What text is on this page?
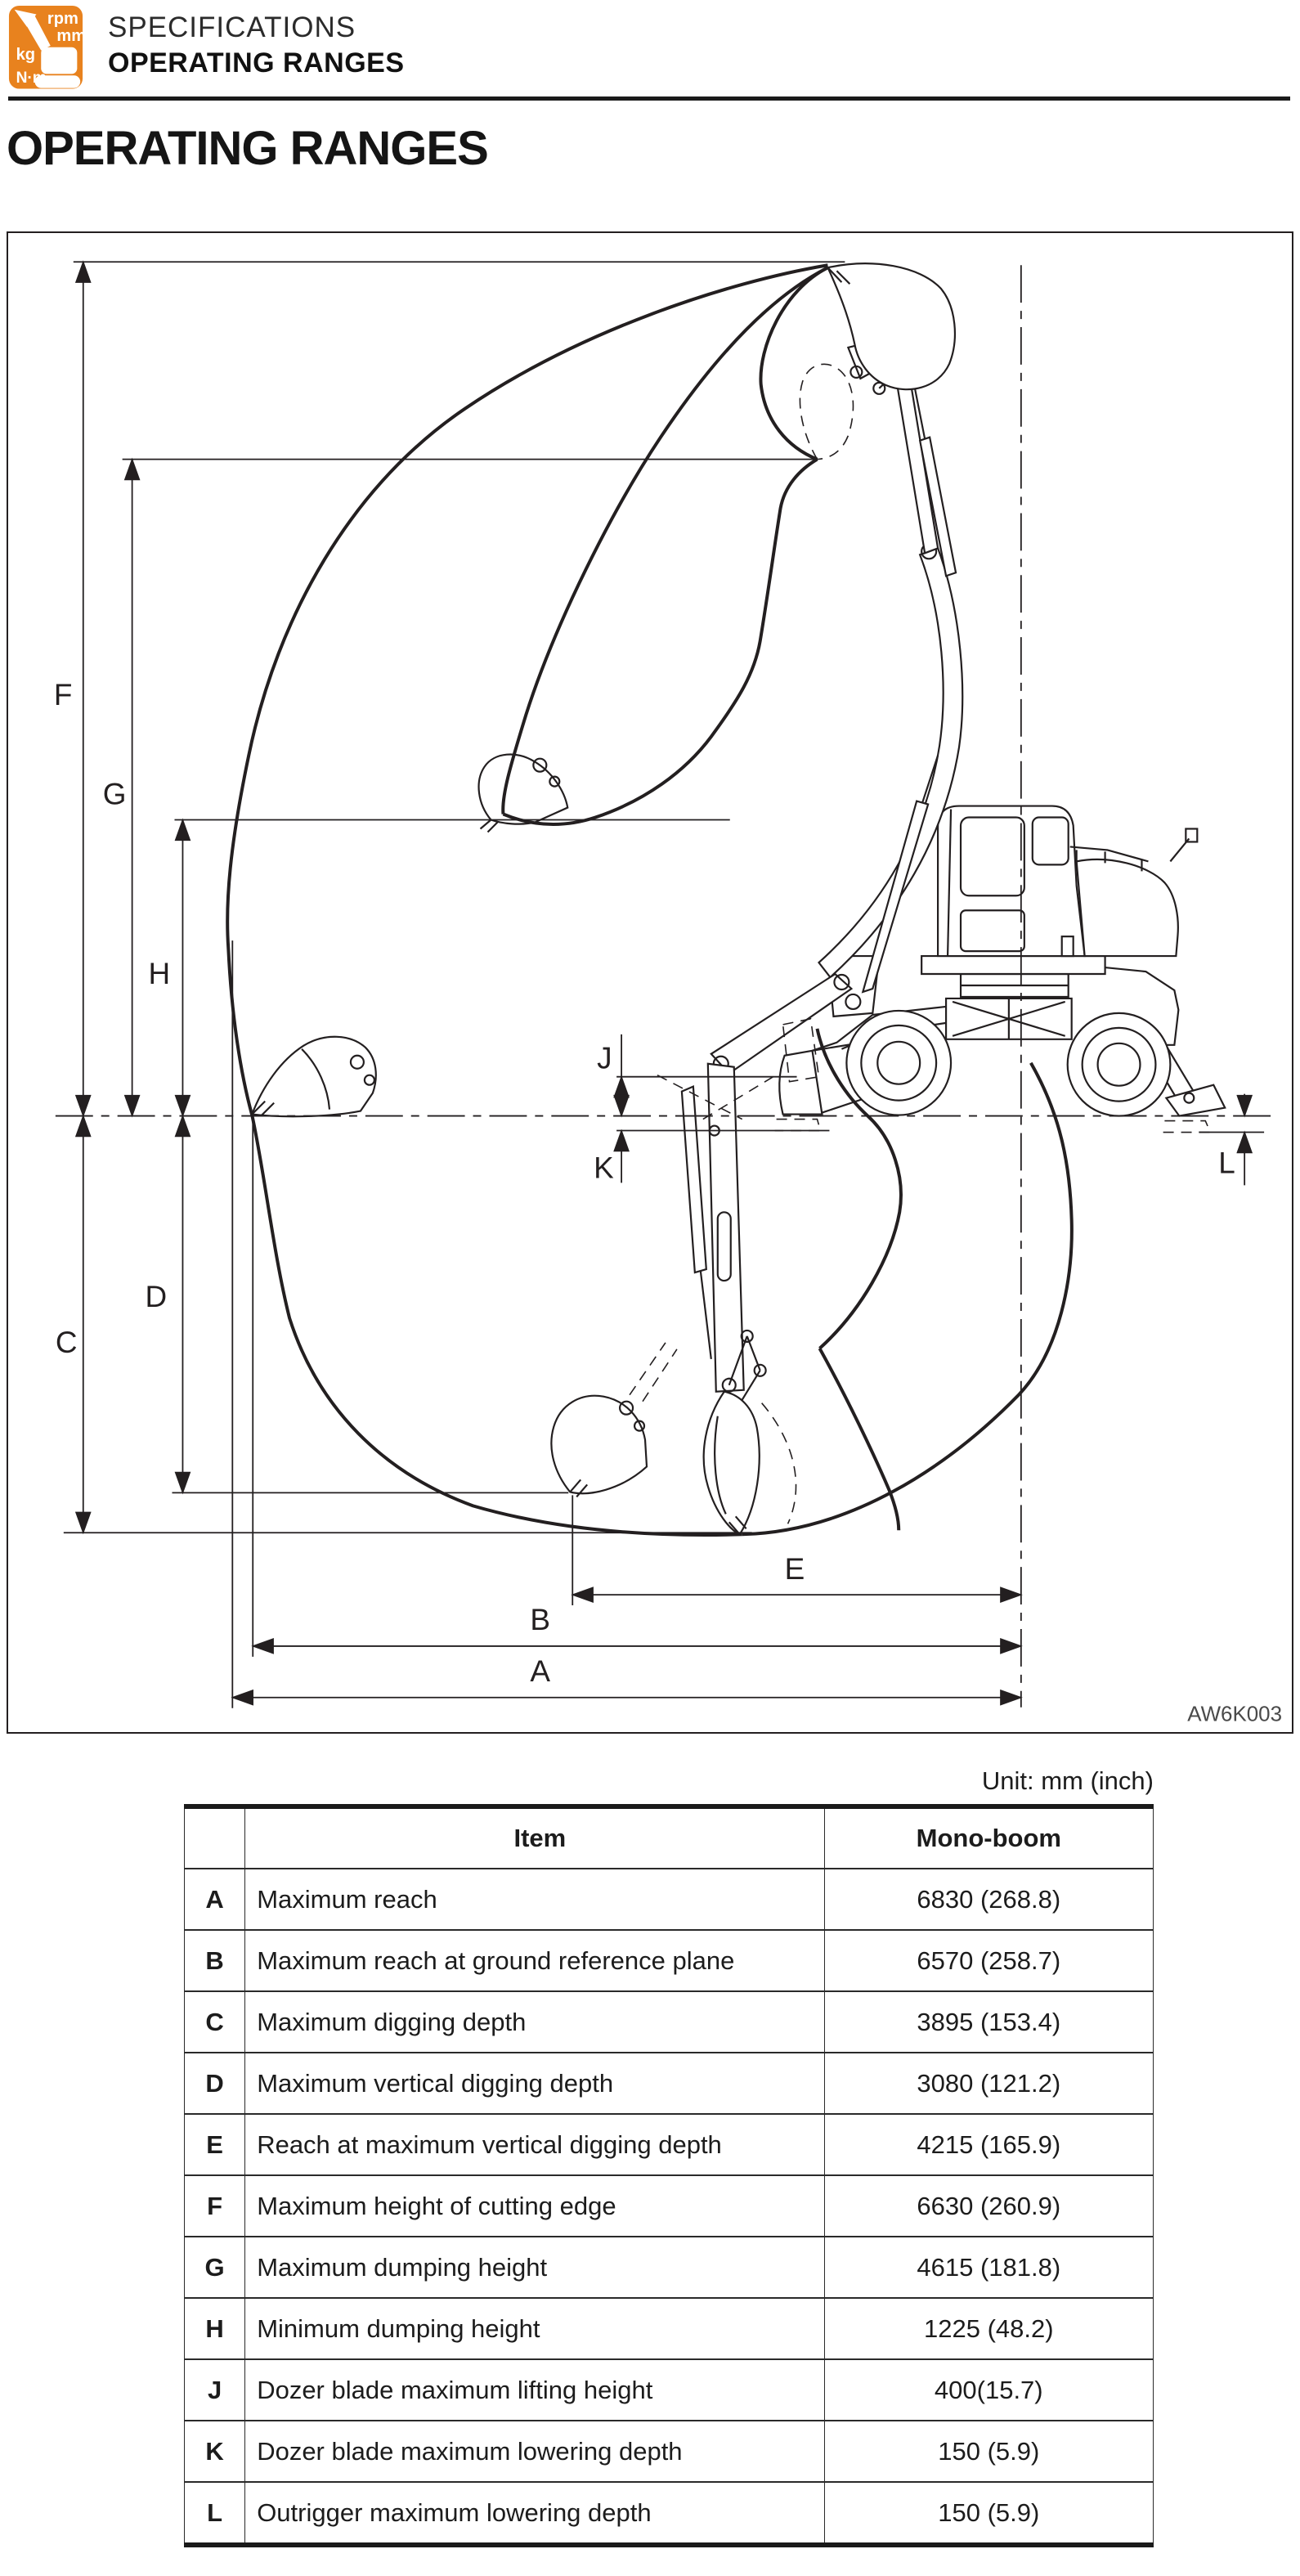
rpm
mm
kg
N·m
SPECIFICATIONS
OPERATING RANGES
OPERATING RANGES
F
G
H
C
D
J
K	L
E
B
A
AW6K003
Unit: mm (inch)
	Item	Mono-boom
A	Maximum reach	6830 (268.8)
B	Maximum reach at ground reference plane	6570 (258.7)
C	Maximum digging depth	3895 (153.4)
D	Maximum vertical digging depth	3080 (121.2)
E	Reach at maximum vertical digging depth	4215 (165.9)
F	Maximum height of cutting edge	6630 (260.9)
G	Maximum dumping height	4615 (181.8)
H	Minimum dumping height	1225 (48.2)
J	Dozer blade maximum lifting height	400(15.7)
K	Dozer blade maximum lowering depth	150 (5.9)
L	Outrigger maximum lowering depth	150 (5.9)
